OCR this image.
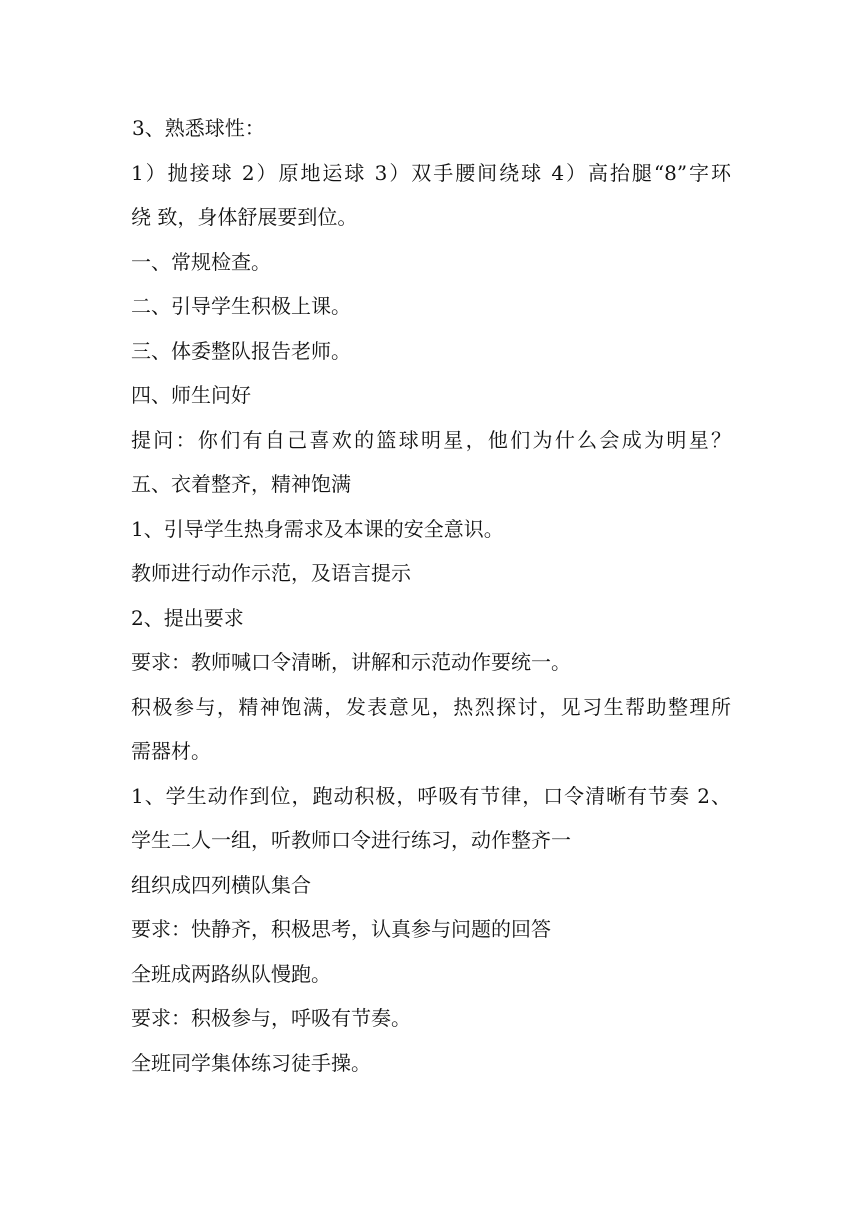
3、熟悉球性：

1）抛接球 2）原地运球 3）双手腰间绕球 4）高抬腿“8”字环

绕 致，身体舒展要到位。

一、常规检查。

二、引导学生积极上课。

三、体委整队报告老师。

四、师生问好

提问：你们有自己喜欢的篮球明星，他们为什么会成为明星？

五、衣着整齐，精神饱满

1、引导学生热身需求及本课的安全意识。

教师进行动作示范，及语言提示

2、提出要求

要求：教师喊口令清晰，讲解和示范动作要统一。

积极参与，精神饱满，发表意见，热烈探讨，见习生帮助整理所

需器材。

1、学生动作到位，跑动积极，呼吸有节律，口令清晰有节奏 2、

学生二人一组，听教师口令进行练习，动作整齐一

组织成四列横队集合

要求：快静齐，积极思考，认真参与问题的回答

全班成两路纵队慢跑。

要求：积极参与，呼吸有节奏。

全班同学集体练习徒手操。
